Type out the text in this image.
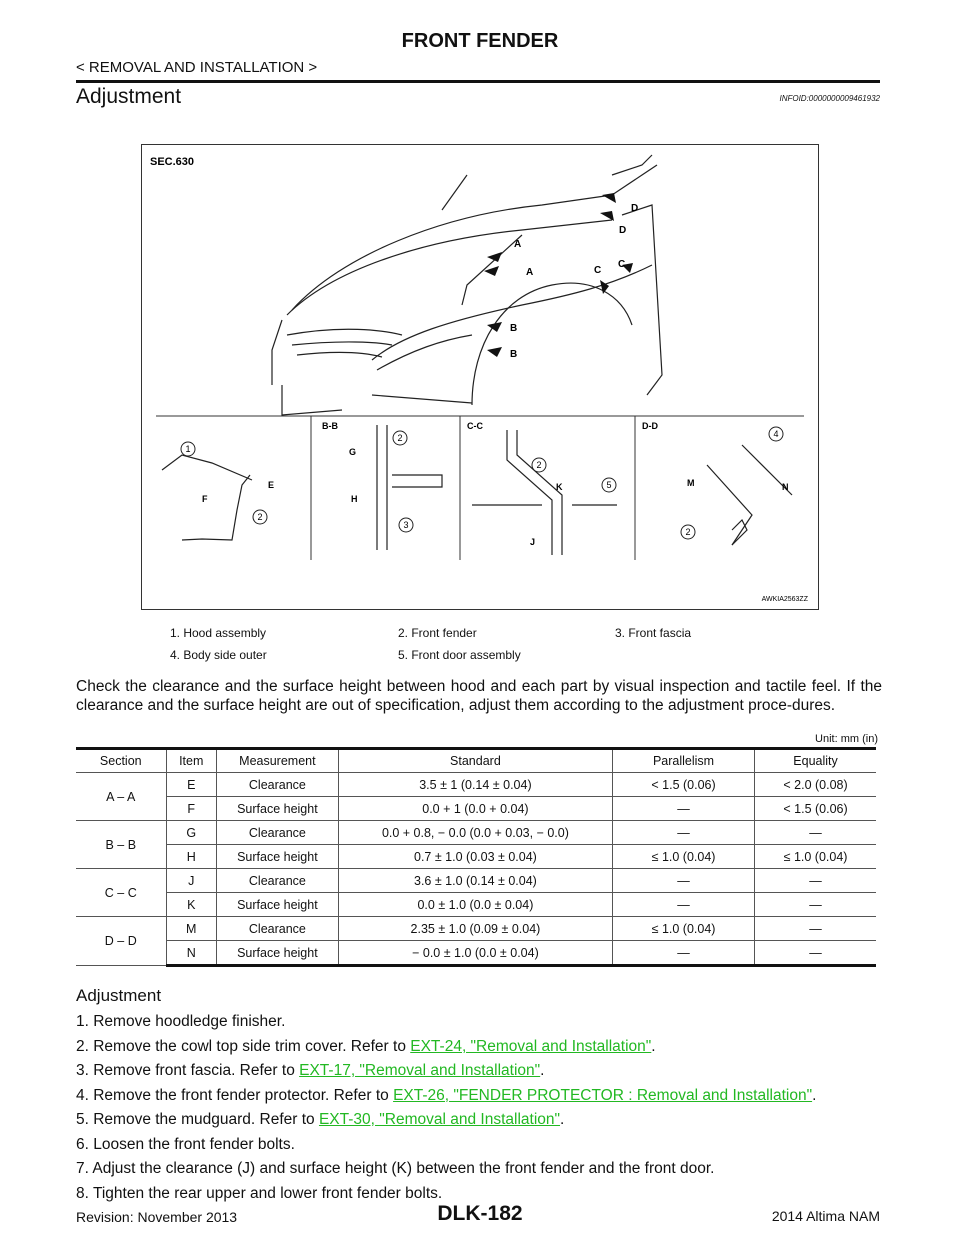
FRONT FENDER
< REMOVAL AND INSTALLATION >
Adjustment	INFOID:0000000009461932
SEC.630
A
A
B
B
C
C
D
D
B-B	C-C	D-D
1
2
2
3
2
5
4
2
E
F
G
H
K
J
M	N
AWKIA2563ZZ
1. Hood assembly	2. Front fender	3. Front fascia
4. Body side outer	5. Front door assembly

Check the clearance and the surface height between hood and each part by visual inspection and tactile feel. If the clearance and the surface height are out of specification, adjust them according to the adjustment proce-dures.

Unit: mm (in)
Section	Item	Measurement	Standard	Parallelism	Equality
A – A	E	Clearance	3.5 ± 1 (0.14 ± 0.04)	< 1.5 (0.06)	< 2.0 (0.08)
	F	Surface height	0.0 + 1 (0.0 + 0.04)	—	< 1.5 (0.06)
B – B	G	Clearance	0.0 + 0.8, − 0.0 (0.0 + 0.03, − 0.0)	—	—
	H	Surface height	0.7 ± 1.0 (0.03 ± 0.04)	≤ 1.0 (0.04)	≤ 1.0 (0.04)
C – C	J	Clearance	3.6 ± 1.0 (0.14 ± 0.04)	—	—
	K	Surface height	0.0 ± 1.0 (0.0 ± 0.04)	—	—
D – D	M	Clearance	2.35 ± 1.0 (0.09 ± 0.04)	≤ 1.0 (0.04)	—
	N	Surface height	− 0.0 ± 1.0 (0.0 ± 0.04)	—	—
Adjustment
1. Remove hoodledge finisher.
2. Remove the cowl top side trim cover. Refer to EXT-24, "Removal and Installation".
3. Remove front fascia. Refer to EXT-17, "Removal and Installation".
4. Remove the front fender protector. Refer to EXT-26, "FENDER PROTECTOR : Removal and Installation".
5. Remove the mudguard. Refer to EXT-30, "Removal and Installation".
6. Loosen the front fender bolts.
7. Adjust the clearance (J) and surface height (K) between the front fender and the front door.
8. Tighten the rear upper and lower front fender bolts.
Revision: November 2013	DLK-182	2014 Altima NAM
